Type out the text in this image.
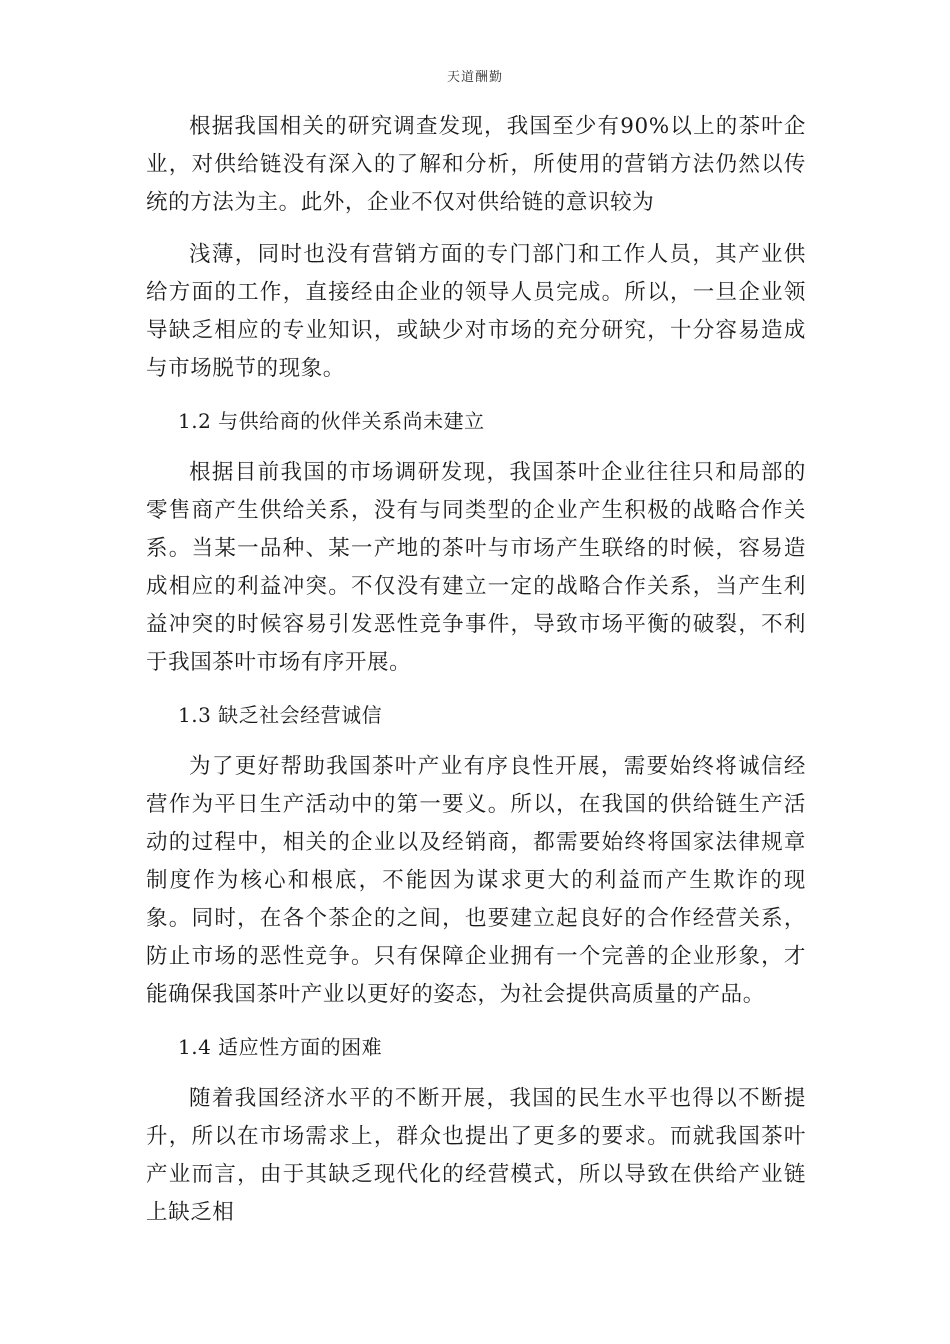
天道酬勤

根据我国相关的研究调查发现，我国至少有90%以上的茶叶企业，对供给链没有深入的了解和分析，所使用的营销方法仍然以传统的方法为主。此外，企业不仅对供给链的意识较为

浅薄，同时也没有营销方面的专门部门和工作人员，其产业供给方面的工作，直接经由企业的领导人员完成。所以，一旦企业领导缺乏相应的专业知识，或缺少对市场的充分研究，十分容易造成与市场脱节的现象。

1.2 与供给商的伙伴关系尚未建立

根据目前我国的市场调研发现，我国茶叶企业往往只和局部的零售商产生供给关系，没有与同类型的企业产生积极的战略合作关系。当某一品种、某一产地的茶叶与市场产生联络的时候，容易造成相应的利益冲突。不仅没有建立一定的战略合作关系，当产生利益冲突的时候容易引发恶性竞争事件，导致市场平衡的破裂，不利于我国茶叶市场有序开展。

1.3 缺乏社会经营诚信

为了更好帮助我国茶叶产业有序良性开展，需要始终将诚信经营作为平日生产活动中的第一要义。所以，在我国的供给链生产活动的过程中，相关的企业以及经销商，都需要始终将国家法律规章制度作为核心和根底，不能因为谋求更大的利益而产生欺诈的现象。同时，在各个茶企的之间，也要建立起良好的合作经营关系，防止市场的恶性竞争。只有保障企业拥有一个完善的企业形象，才能确保我国茶叶产业以更好的姿态，为社会提供高质量的产品。

1.4 适应性方面的困难

随着我国经济水平的不断开展，我国的民生水平也得以不断提升，所以在市场需求上，群众也提出了更多的要求。而就我国茶叶产业而言，由于其缺乏现代化的经营模式，所以导致在供给产业链上缺乏相
